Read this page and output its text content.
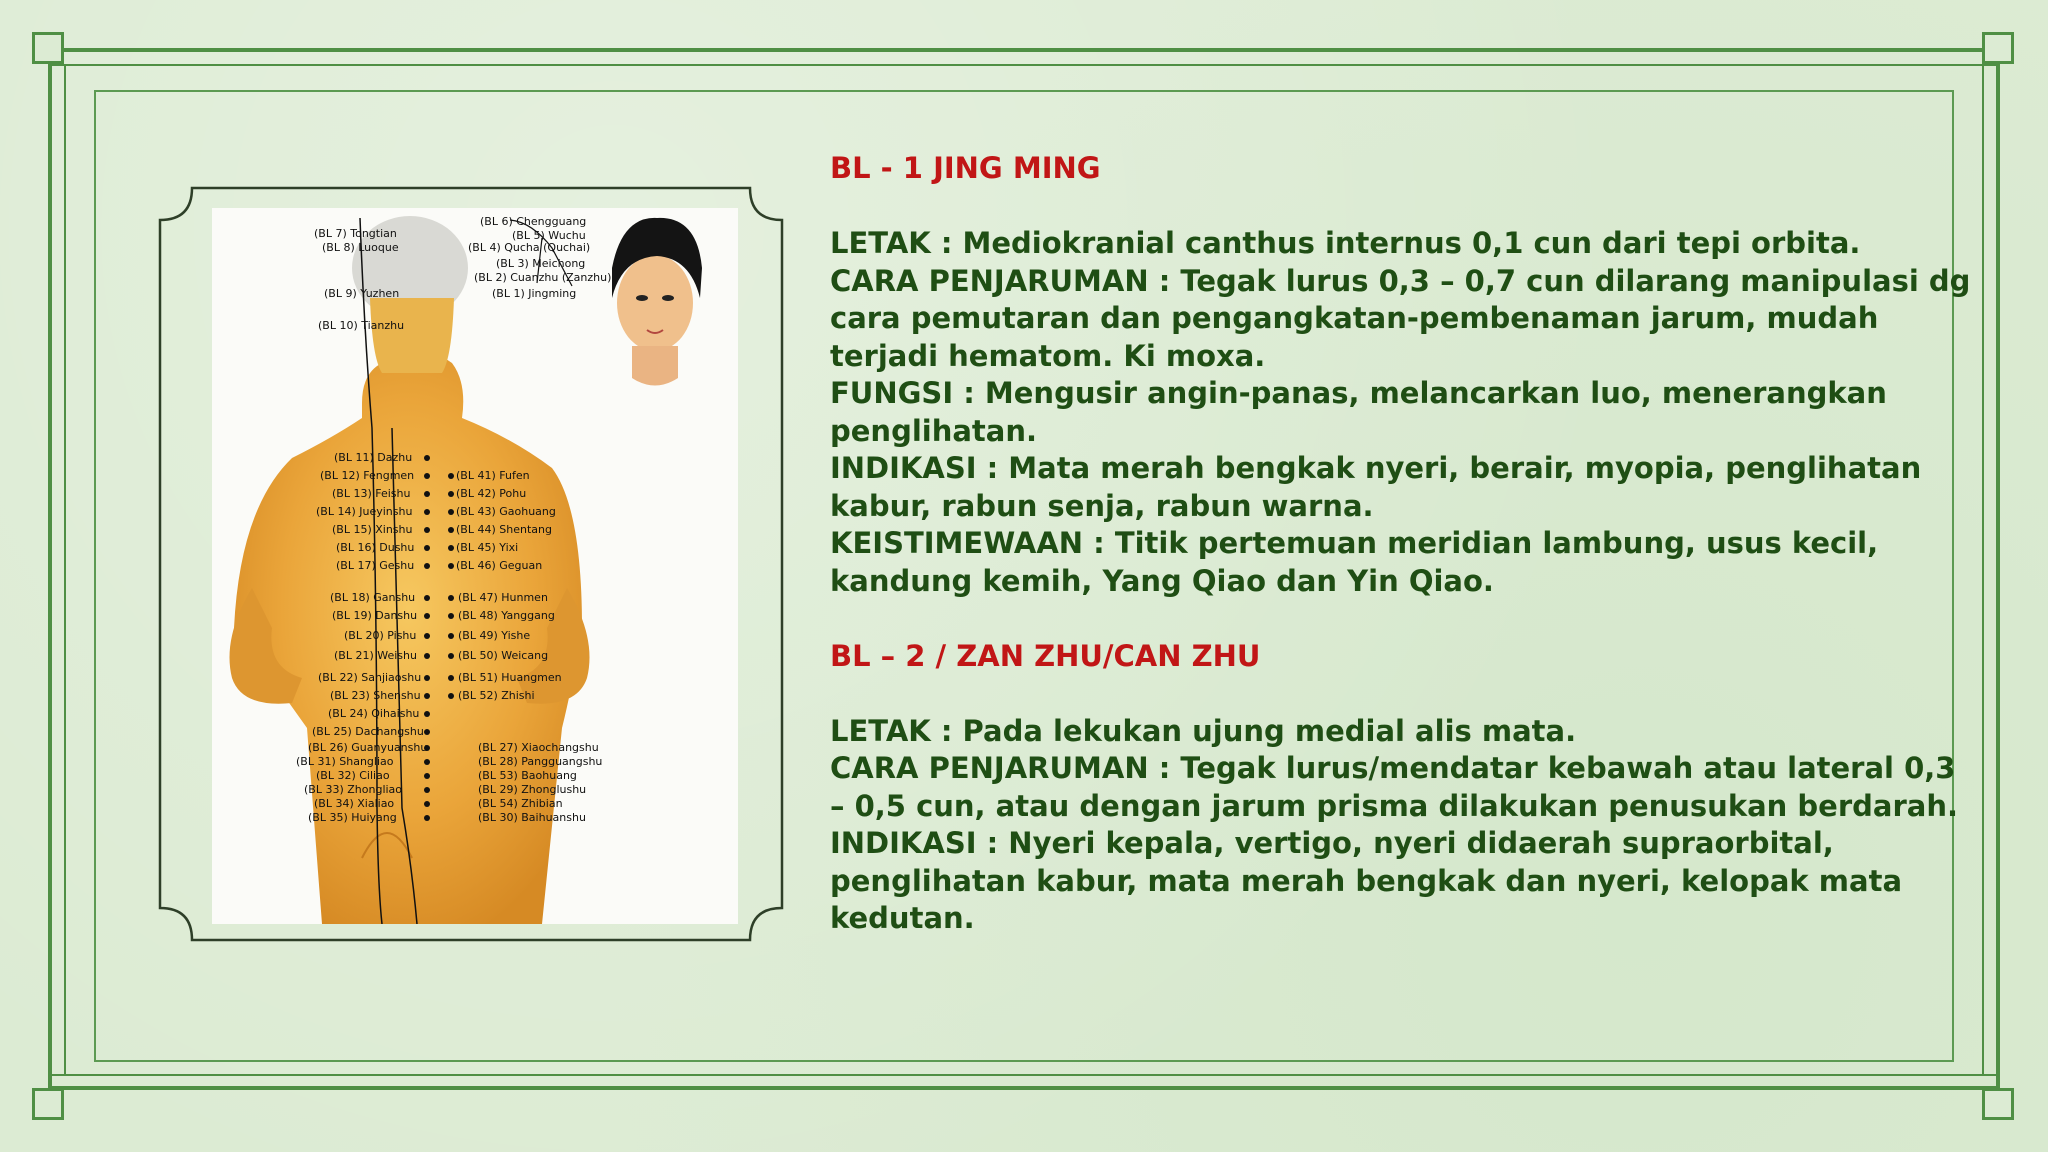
(BL 7) Tongtian
(BL 8) Luoque
(BL 9) Yuzhen
(BL 10) Tianzhu
(BL 6) Chengguang
(BL 5) Wuchu
(BL 4) Qucha (Quchai)
(BL 3) Meichong
(BL 2) Cuanzhu (Zanzhu)
(BL 1) Jingming
(BL 11) Dazhu
(BL 12) Fengmen
(BL 13) Feishu
(BL 14) Jueyinshu
(BL 15) Xinshu
(BL 16) Dushu
(BL 17) Geshu
(BL 18) Ganshu
(BL 19) Danshu
(BL 20) Pishu
(BL 21) Weishu
(BL 22) Sanjiaoshu
(BL 23) Shenshu
(BL 24) Qihaishu
(BL 25) Dachangshu
(BL 26) Guanyuanshu
(BL 31) Shangliao
(BL 32) Ciliao
(BL 33) Zhongliao
(BL 34) Xialiao
(BL 35) Huiyang
(BL 41) Fufen
(BL 42) Pohu
(BL 43) Gaohuang
(BL 44) Shentang
(BL 45) Yixi
(BL 46) Geguan
(BL 47) Hunmen
(BL 48) Yanggang
(BL 49) Yishe
(BL 50) Weicang
(BL 51) Huangmen
(BL 52) Zhishi
(BL 27) Xiaochangshu
(BL 28) Pangguangshu
(BL 53) Baohuang
(BL 29) Zhonglushu
(BL 54) Zhibian
(BL 30) Baihuanshu

BL - 1 JING MING

LETAK : Mediokranial canthus internus 0,1 cun dari tepi orbita.

CARA PENJARUMAN : Tegak lurus 0,3 – 0,7 cun dilarang manipulasi dg

cara pemutaran dan pengangkatan-pembenaman jarum, mudah

terjadi hematom. Ki moxa.

FUNGSI : Mengusir angin-panas, melancarkan luo, menerangkan

penglihatan.

INDIKASI : Mata merah bengkak nyeri, berair, myopia, penglihatan

kabur, rabun senja, rabun warna.

KEISTIMEWAAN : Titik pertemuan meridian lambung, usus kecil,

kandung kemih, Yang Qiao dan Yin Qiao.

BL – 2 / ZAN ZHU/CAN ZHU

LETAK : Pada lekukan ujung medial alis mata.

CARA PENJARUMAN : Tegak lurus/mendatar kebawah atau lateral 0,3

– 0,5 cun, atau dengan jarum prisma dilakukan penusukan berdarah.

INDIKASI : Nyeri kepala, vertigo, nyeri didaerah supraorbital,

penglihatan kabur, mata merah bengkak dan nyeri, kelopak mata

kedutan.
